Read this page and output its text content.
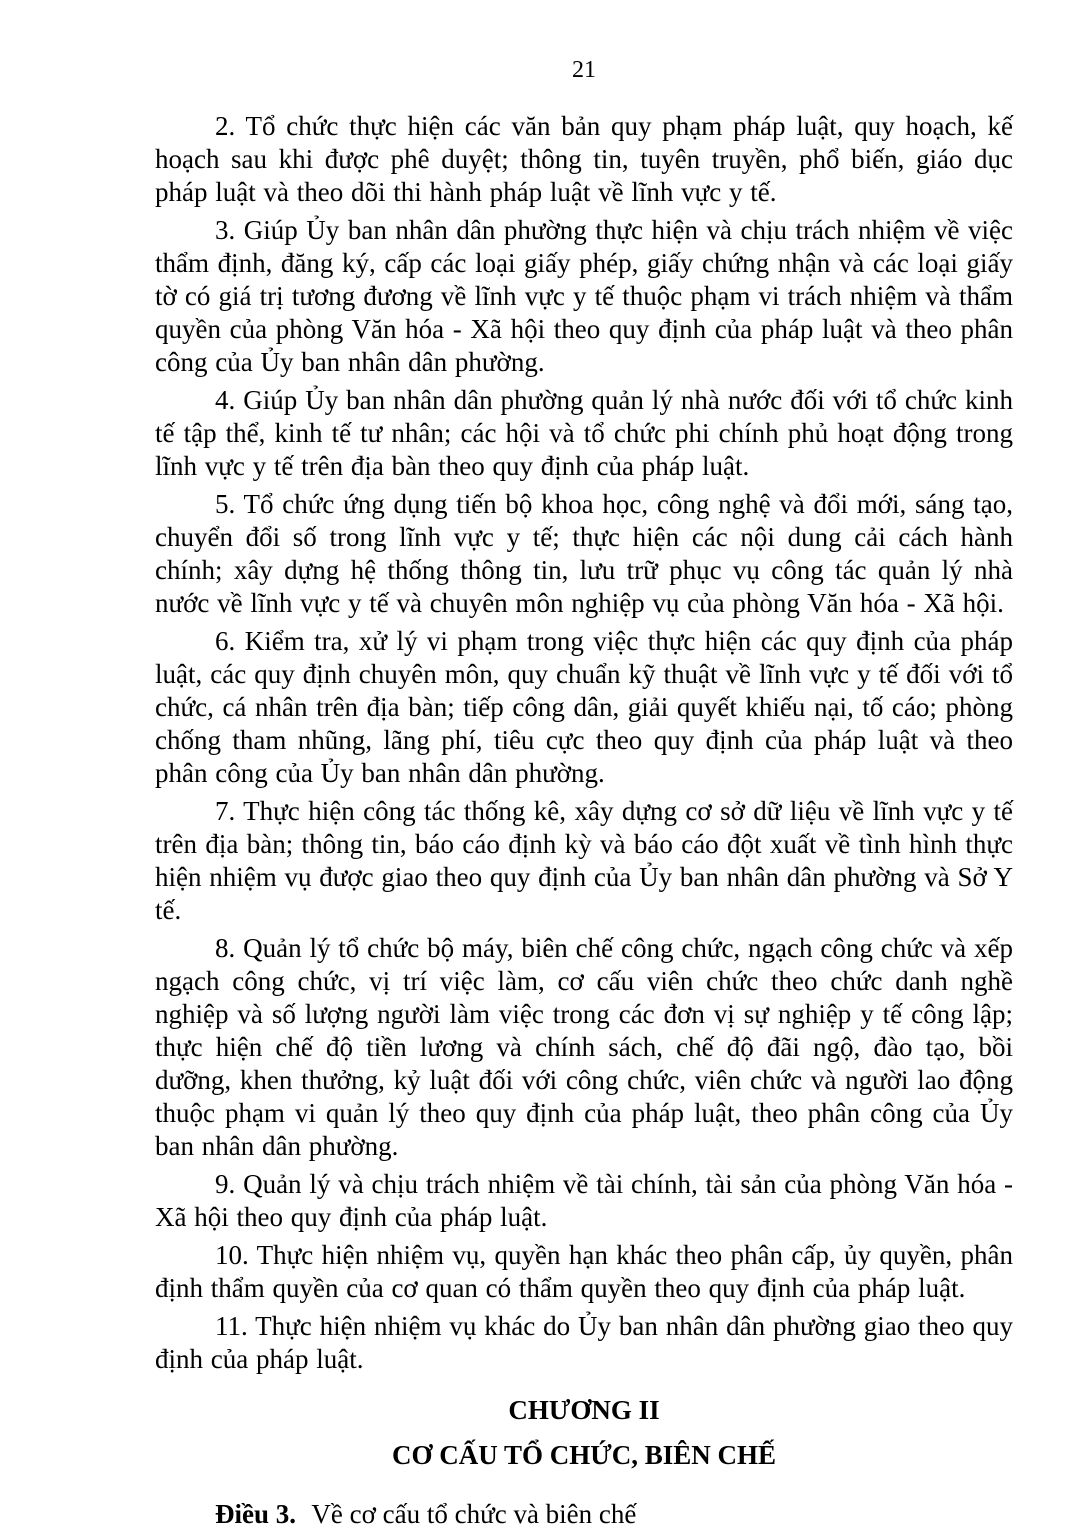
21

2. Tổ chức thực hiện các văn bản quy phạm pháp luật, quy hoạch, kế hoạch sau khi được phê duyệt; thông tin, tuyên truyền, phổ biến, giáo dục pháp luật và theo dõi thi hành pháp luật về lĩnh vực y tế.

3. Giúp Ủy ban nhân dân phường thực hiện và chịu trách nhiệm về việc thẩm định, đăng ký, cấp các loại giấy phép, giấy chứng nhận và các loại giấy tờ có giá trị tương đương về lĩnh vực y tế thuộc phạm vi trách nhiệm và thẩm quyền của phòng Văn hóa - Xã hội theo quy định của pháp luật và theo phân công của Ủy ban nhân dân phường.

4. Giúp Ủy ban nhân dân phường quản lý nhà nước đối với tổ chức kinh tế tập thể, kinh tế tư nhân; các hội và tổ chức phi chính phủ hoạt động trong lĩnh vực y tế trên địa bàn theo quy định của pháp luật.

5. Tổ chức ứng dụng tiến bộ khoa học, công nghệ và đổi mới, sáng tạo, chuyển đổi số trong lĩnh vực y tế; thực hiện các nội dung cải cách hành chính; xây dựng hệ thống thông tin, lưu trữ phục vụ công tác quản lý nhà nước về lĩnh vực y tế và chuyên môn nghiệp vụ của phòng Văn hóa - Xã hội.

6. Kiểm tra, xử lý vi phạm trong việc thực hiện các quy định của pháp luật, các quy định chuyên môn, quy chuẩn kỹ thuật về lĩnh vực y tế đối với tổ chức, cá nhân trên địa bàn; tiếp công dân, giải quyết khiếu nại, tố cáo; phòng chống tham nhũng, lãng phí, tiêu cực theo quy định của pháp luật và theo phân công của Ủy ban nhân dân phường.

7. Thực hiện công tác thống kê, xây dựng cơ sở dữ liệu về lĩnh vực y tế trên địa bàn; thông tin, báo cáo định kỳ và báo cáo đột xuất về tình hình thực hiện nhiệm vụ được giao theo quy định của Ủy ban nhân dân phường và Sở Y tế.

8. Quản lý tổ chức bộ máy, biên chế công chức, ngạch công chức và xếp ngạch công chức, vị trí việc làm, cơ cấu viên chức theo chức danh nghề nghiệp và số lượng người làm việc trong các đơn vị sự nghiệp y tế công lập; thực hiện chế độ tiền lương và chính sách, chế độ đãi ngộ, đào tạo, bồi dưỡng, khen thưởng, kỷ luật đối với công chức, viên chức và người lao động thuộc phạm vi quản lý theo quy định của pháp luật, theo phân công của Ủy ban nhân dân phường.

9. Quản lý và chịu trách nhiệm về tài chính, tài sản của phòng Văn hóa - Xã hội theo quy định của pháp luật.

10. Thực hiện nhiệm vụ, quyền hạn khác theo phân cấp, ủy quyền, phân định thẩm quyền của cơ quan có thẩm quyền theo quy định của pháp luật.

11. Thực hiện nhiệm vụ khác do Ủy ban nhân dân phường giao theo quy định của pháp luật.

CHƯƠNG II
CƠ CẤU TỔ CHỨC, BIÊN CHẾ

Điều 3. Về cơ cấu tổ chức và biên chế
